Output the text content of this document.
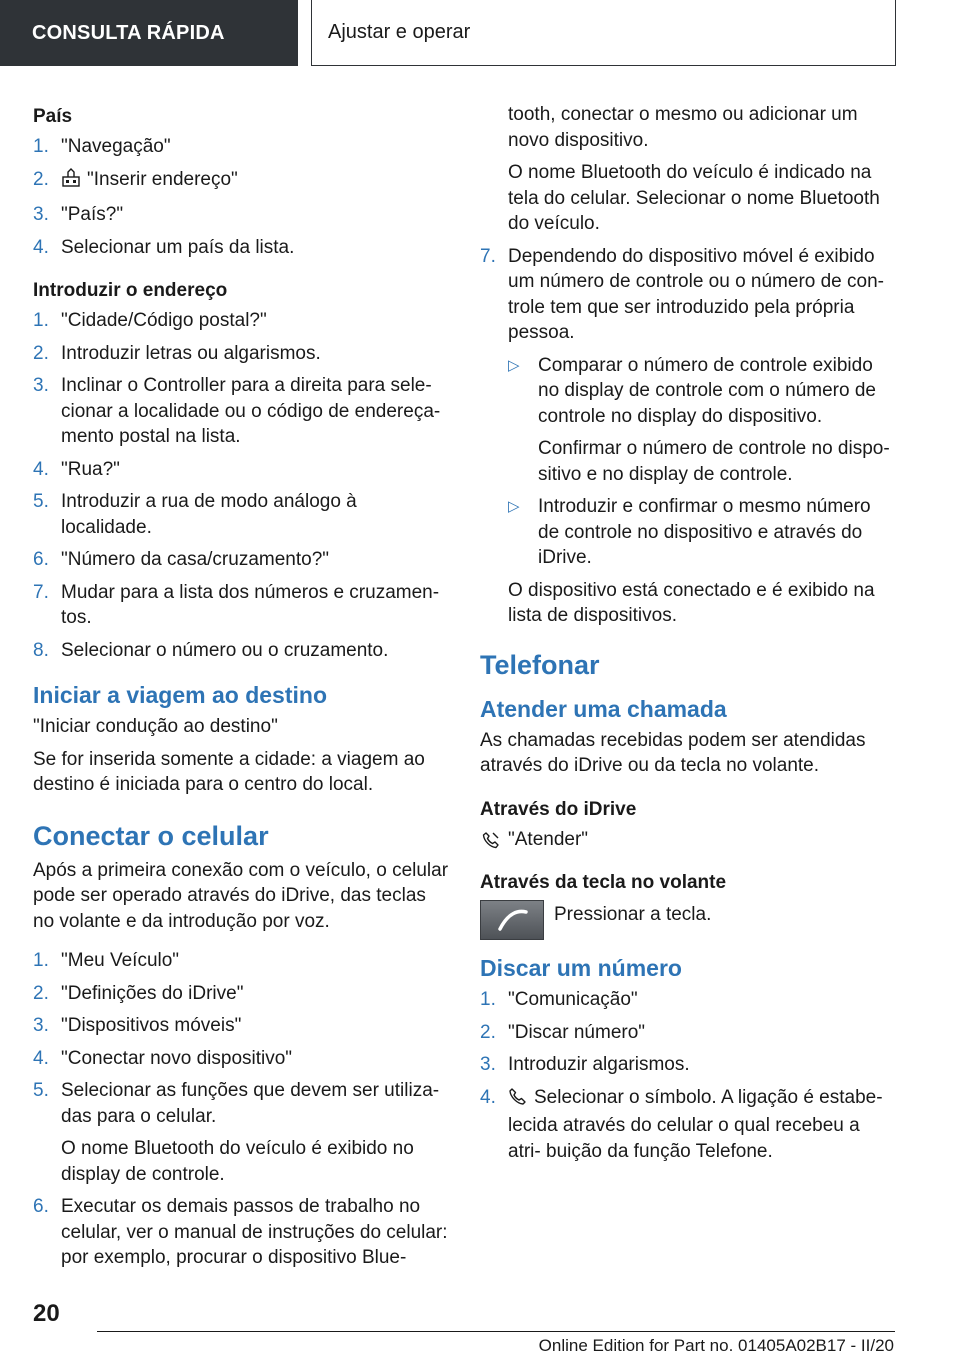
CONSULTA RÁPIDA	Ajustar e operar
País
1. "Navegação"
2. "Inserir endereço"
3. "País?"
4. Selecionar um país da lista.
Introduzir o endereço
1. "Cidade/Código postal?"
2. Introduzir letras ou algarismos.
3. Inclinar o Controller para a direita para sele‐ cionar a localidade ou o código de endereça‐ mento postal na lista.
4. "Rua?"
5. Introduzir a rua de modo análogo à localidade.
6. "Número da casa/cruzamento?"
7. Mudar para a lista dos números e cruzamen‐ tos.
8. Selecionar o número ou o cruzamento.
Iniciar a viagem ao destino
"Iniciar condução ao destino"
Se for inserida somente a cidade: a viagem ao destino é iniciada para o centro do local.
Conectar o celular
Após a primeira conexão com o veículo, o celular pode ser operado através do iDrive, das teclas no volante e da introdução por voz.
1. "Meu Veículo"
2. "Definições do iDrive"
3. "Dispositivos móveis"
4. "Conectar novo dispositivo"
5. Selecionar as funções que devem ser utiliza‐ das para o celular.
O nome Bluetooth do veículo é exibido no display de controle.
6. Executar os demais passos de trabalho no celular, ver o manual de instruções do celular: por exemplo, procurar o dispositivo Blue‐
tooth, conectar o mesmo ou adicionar um novo dispositivo.
O nome Bluetooth do veículo é indicado na tela do celular. Selecionar o nome Bluetooth do veículo.
7. Dependendo do dispositivo móvel é exibido um número de controle ou o número de con‐ trole tem que ser introduzido pela própria pessoa.
▷ Comparar o número de controle exibido no display de controle com o número de controle no display do dispositivo.
Confirmar o número de controle no dispo‐ sitivo e no display de controle.
▷ Introduzir e confirmar o mesmo número de controle no dispositivo e através do iDrive.
O dispositivo está conectado e é exibido na lista de dispositivos.
Telefonar
Atender uma chamada
As chamadas recebidas podem ser atendidas através do iDrive ou da tecla no volante.
Através do iDrive
"Atender"
Através da tecla no volante
Pressionar a tecla.
Discar um número
1. "Comunicação"
2. "Discar número"
3. Introduzir algarismos.
4. Selecionar o símbolo. A ligação é estabe‐ lecida através do celular o qual recebeu a atri‐ buição da função Telefone.
20
Online Edition for Part no. 01405A02B17 - II/20
